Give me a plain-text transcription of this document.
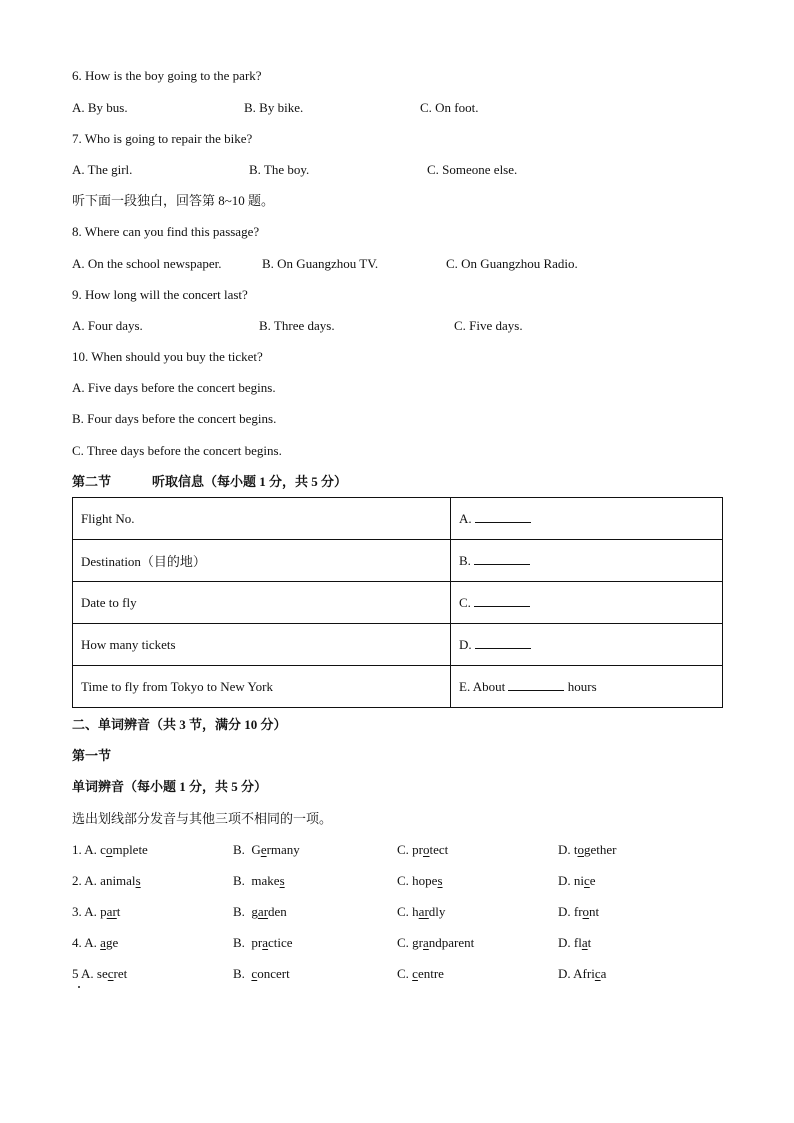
6. How is the boy going to the park?
A. By bus.	B. By bike.	C. On foot.
7. Who is going to repair the bike?
A. The girl.	B. The boy.	C. Someone else.
听下面一段独白，回答第 8~10 题。
8. Where can you find this passage?
A. On the school newspaper.	B. On Guangzhou TV.	C. On Guangzhou Radio.
9. How long will the concert last?
A. Four days.	B. Three days.	C. Five days.
10. When should you buy the ticket?
A. Five days before the concert begins.
B. Four days before the concert begins.
C. Three days before the concert begins.
第二节	听取信息（每小题 1 分，共 5 分）
Flight No.	A.
Destination（目的地）	B.
Date to fly	C.
How many tickets	D.
Time to fly from Tokyo to New York	E. About hours
二、单词辨音（共 3 节，满分 10 分）
第一节
单词辨音（每小题 1 分，共 5 分）
选出划线部分发音与其他三项不相同的一项。
1. A. complete	B.  Germany	C. protect	D. together
2. A. animals	B.  makes	C. hopes	D. nice
3. A. part	B.  garden	C. hardly	D. front
4. A. age	B.  practice	C. grandparent	D. flat
5 A. secret	B.  concert	C. centre	D. Africa
